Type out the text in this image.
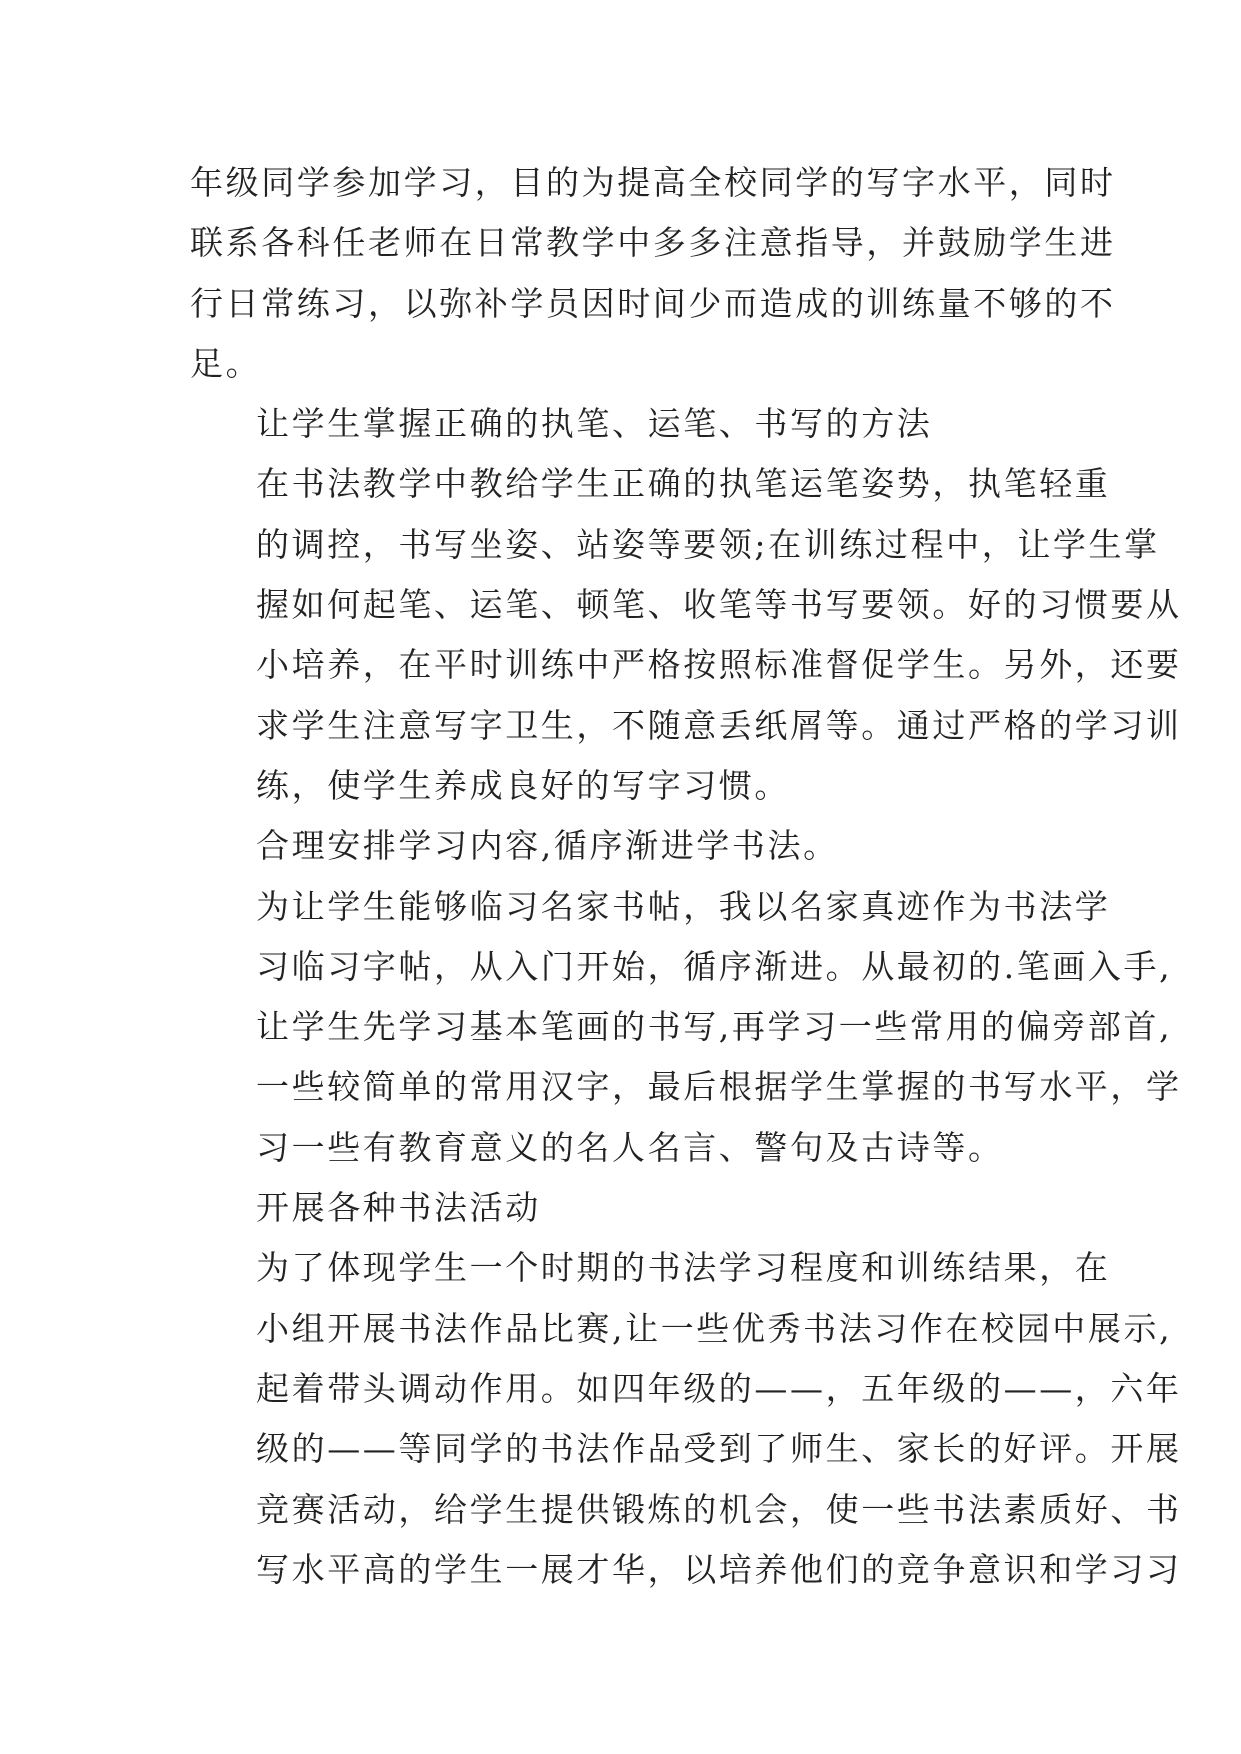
年级同学参加学习，目的为提高全校同学的写字水平，同时
联系各科任老师在日常教学中多多注意指导，并鼓励学生进
行日常练习，以弥补学员因时间少而造成的训练量不够的不
足。
让学生掌握正确的执笔、运笔、书写的方法
在书法教学中教给学生正确的执笔运笔姿势，执笔轻重
的调控，书写坐姿、站姿等要领;在训练过程中，让学生掌
握如何起笔、运笔、顿笔、收笔等书写要领。好的习惯要从
小培养，在平时训练中严格按照标准督促学生。另外，还要
求学生注意写字卫生，不随意丢纸屑等。通过严格的学习训
练，使学生养成良好的写字习惯。
合理安排学习内容,循序渐进学书法。
为让学生能够临习名家书帖，我以名家真迹作为书法学
习临习字帖，从入门开始，循序渐进。从最初的.笔画入手,
让学生先学习基本笔画的书写,再学习一些常用的偏旁部首,
一些较简单的常用汉字，最后根据学生掌握的书写水平，学
习一些有教育意义的名人名言、警句及古诗等。
开展各种书法活动
为了体现学生一个时期的书法学习程度和训练结果，在
小组开展书法作品比赛,让一些优秀书法习作在校园中展示,
起着带头调动作用。如四年级的——，五年级的——，六年
级的——等同学的书法作品受到了师生、家长的好评。开展
竞赛活动，给学生提供锻炼的机会，使一些书法素质好、书
写水平高的学生一展才华，以培养他们的竞争意识和学习习
